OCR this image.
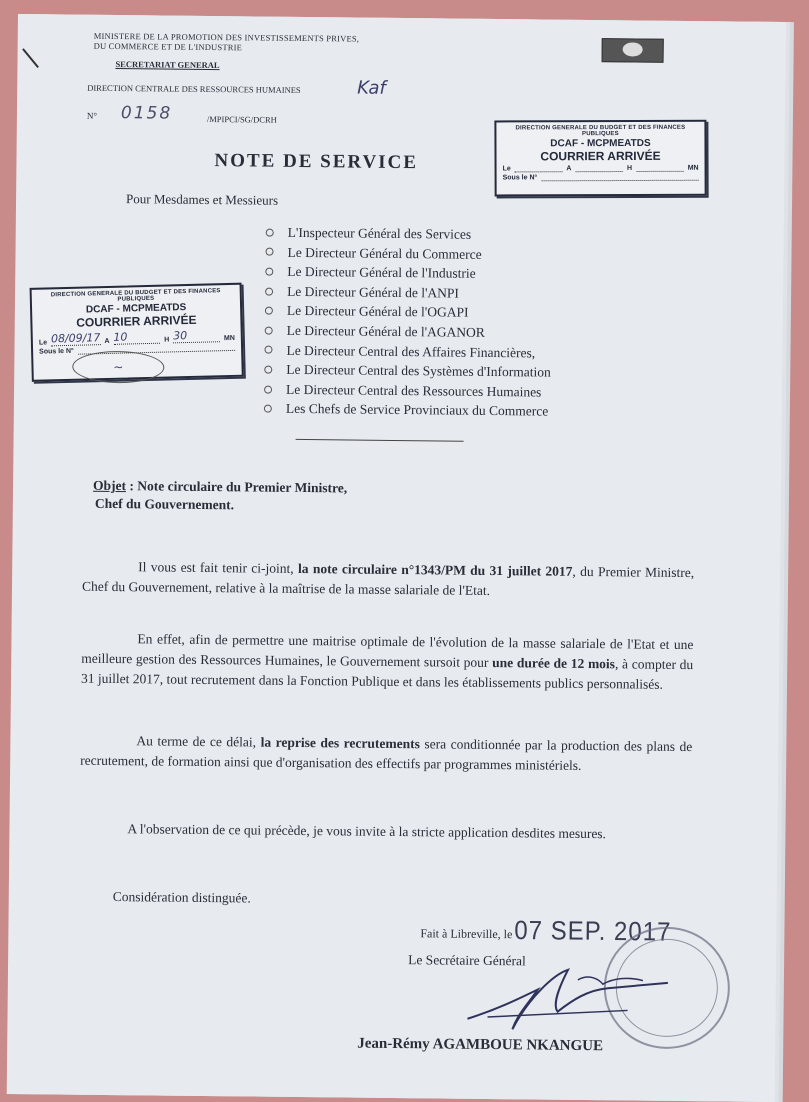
MINISTERE DE LA PROMOTION DES INVESTISSEMENTS PRIVES,
DU COMMERCE ET DE L'INDUSTRIE
SECRETARIAT GENERAL
DIRECTION CENTRALE DES RESSOURCES HUMAINES	Kaf
N° 0158	/MPIPCI/SG/DCRH
DIRECTION GENERALE DU BUDGET ET DES FINANCES PUBLIQUES
DCAF - MCPMEATDS
COURRIER ARRIVÉE
Le	A	H	MN
Sous le N°
NOTE DE SERVICE
Pour Mesdames et Messieurs
DIRECTION GENERALE DU BUDGET ET DES FINANCES PUBLIQUES
DCAF - MCPMEATDS
COURRIER ARRIVÉE
Le 08/09/17 A 10	H 30	MN
Sous le N°
~
L'Inspecteur Général des Services
Le Directeur Général du Commerce
Le Directeur Général de l'Industrie
Le Directeur Général de l'ANPI
Le Directeur Général de l'OGAPI
Le Directeur Général de l'AGANOR
Le Directeur Central des Affaires Financières,
Le Directeur Central des Systèmes d'Information
Le Directeur Central des Ressources Humaines
Les Chefs de Service Provinciaux du Commerce
Objet : Note circulaire du Premier Ministre,
Chef du Gouvernement.
Il vous est fait tenir ci-joint, la note circulaire n°1343/PM du 31 juillet 2017, du Premier Ministre, Chef du Gouvernement, relative à la maîtrise de la masse salariale de l'Etat.
En effet, afin de permettre une maitrise optimale de l'évolution de la masse salariale de l'Etat et une meilleure gestion des Ressources Humaines, le Gouvernement sursoit pour une durée de 12 mois, à compter du 31 juillet 2017, tout recrutement dans la Fonction Publique et dans les établissements publics personnalisés.
Au terme de ce délai, la reprise des recrutements sera conditionnée par la production des plans de recrutement, de formation ainsi que d'organisation des effectifs par programmes ministériels.
A l'observation de ce qui précède, je vous invite à la stricte application desdites mesures.
Considération distinguée.
Fait à Libreville, le 07 SEP. 2017
Le Secrétaire Général
Jean-Rémy AGAMBOUE NKANGUE
